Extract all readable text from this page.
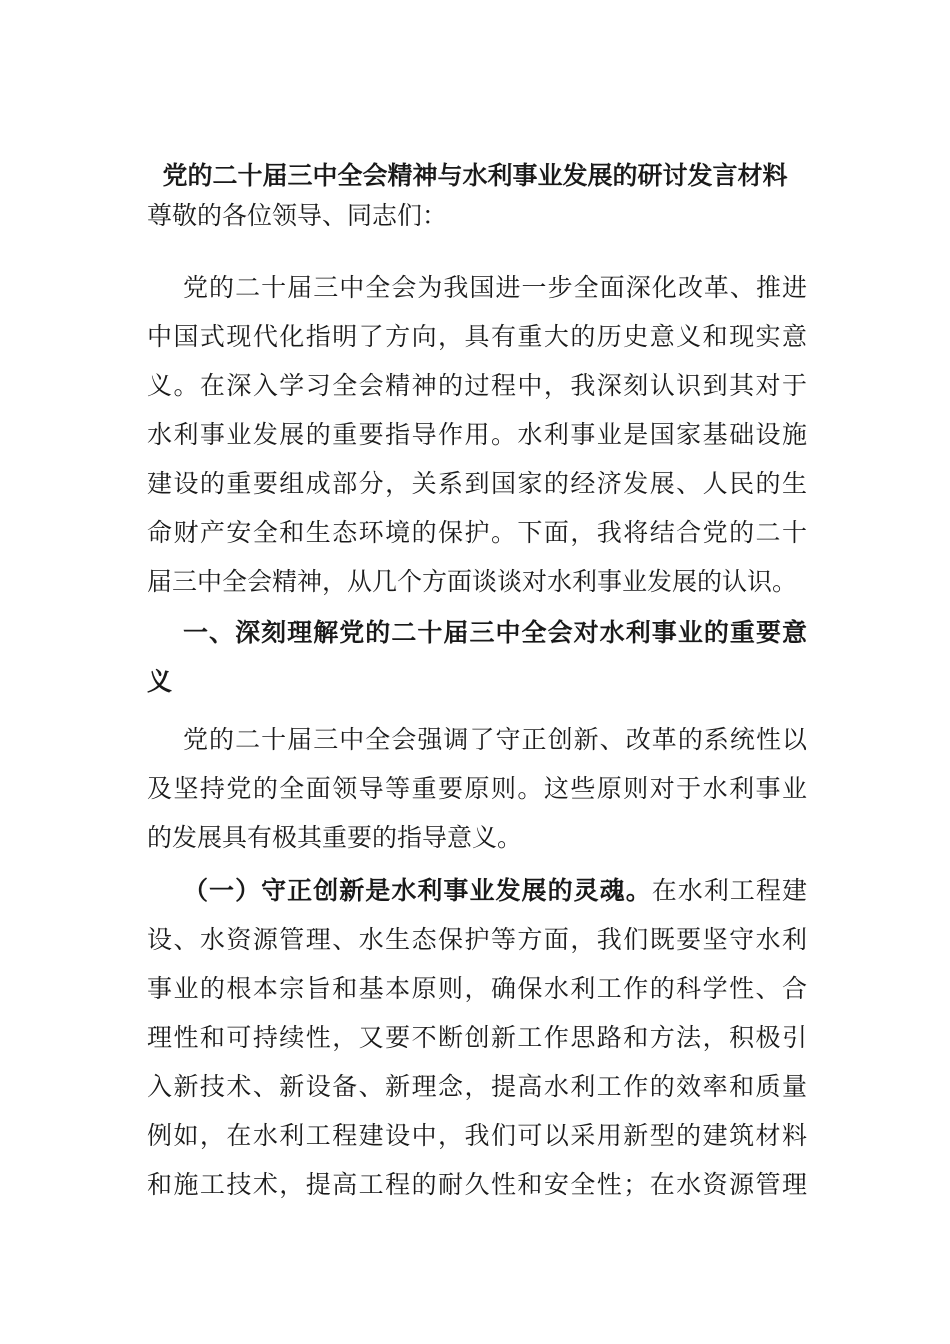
党的二十届三中全会精神与水利事业发展的研讨发言材料
尊敬的各位领导、同志们：
党的二十届三中全会为我国进一步全面深化改革、推进
中国式现代化指明了方向，具有重大的历史意义和现实意
义。在深入学习全会精神的过程中，我深刻认识到其对于
水利事业发展的重要指导作用。水利事业是国家基础设施
建设的重要组成部分，关系到国家的经济发展、人民的生
命财产安全和生态环境的保护。下面，我将结合党的二十
届三中全会精神，从几个方面谈谈对水利事业发展的认识。
一、深刻理解党的二十届三中全会对水利事业的重要意
义
党的二十届三中全会强调了守正创新、改革的系统性以
及坚持党的全面领导等重要原则。这些原则对于水利事业
的发展具有极其重要的指导意义。
（一）守正创新是水利事业发展的灵魂。在水利工程建
设、水资源管理、水生态保护等方面，我们既要坚守水利
事业的根本宗旨和基本原则，确保水利工作的科学性、合
理性和可持续性，又要不断创新工作思路和方法，积极引
入新技术、新设备、新理念，提高水利工作的效率和质量
例如，在水利工程建设中，我们可以采用新型的建筑材料
和施工技术，提高工程的耐久性和安全性；在水资源管理
